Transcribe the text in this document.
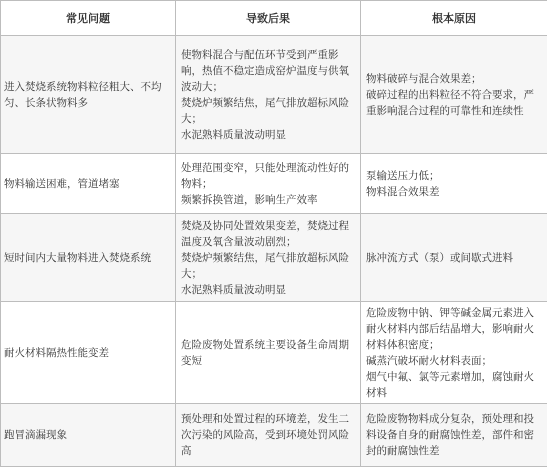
常见问题	导致后果	根本原因
进入焚烧系统物料粒径粗大、不均匀、长条状物料多	使物料混合与配伍环节受到严重影响，热值不稳定造成窑炉温度与供氧波动大；
焚烧炉频繁结焦，尾气排放超标风险大；
水泥熟料质量波动明显	物料破碎与混合效果差；
破碎过程的出料粒径不符合要求，严重影响混合过程的可靠性和连续性

物料输送困难，管道堵塞	处理范围变窄，只能处理流动性好的物料；
频繁拆换管道，影响生产效率	泵输送压力低；
物料混合效果差

短时间内大量物料进入焚烧系统	焚烧及协同处置效果变差，焚烧过程温度及氧含量波动剧烈；
焚烧炉频繁结焦，尾气排放超标风险大；
水泥熟料质量波动明显	脉冲流方式（泵）或间歇式进料

耐火材料隔热性能变差	危险废物处置系统主要设备生命周期变短	危险废物中钠、钾等碱金属元素进入耐火材料内部后结晶增大，影响耐火材料体积密度；
碱蒸汽破坏耐火材料表面；
烟气中氟、氯等元素增加，腐蚀耐火材料

跑冒滴漏现象	预处理和处置过程的环境差，发生二次污染的风险高，受到环境处罚风险高	危险废物物料成分复杂，预处理和投料设备自身的耐腐蚀性差，部件和密封的耐腐蚀性差
